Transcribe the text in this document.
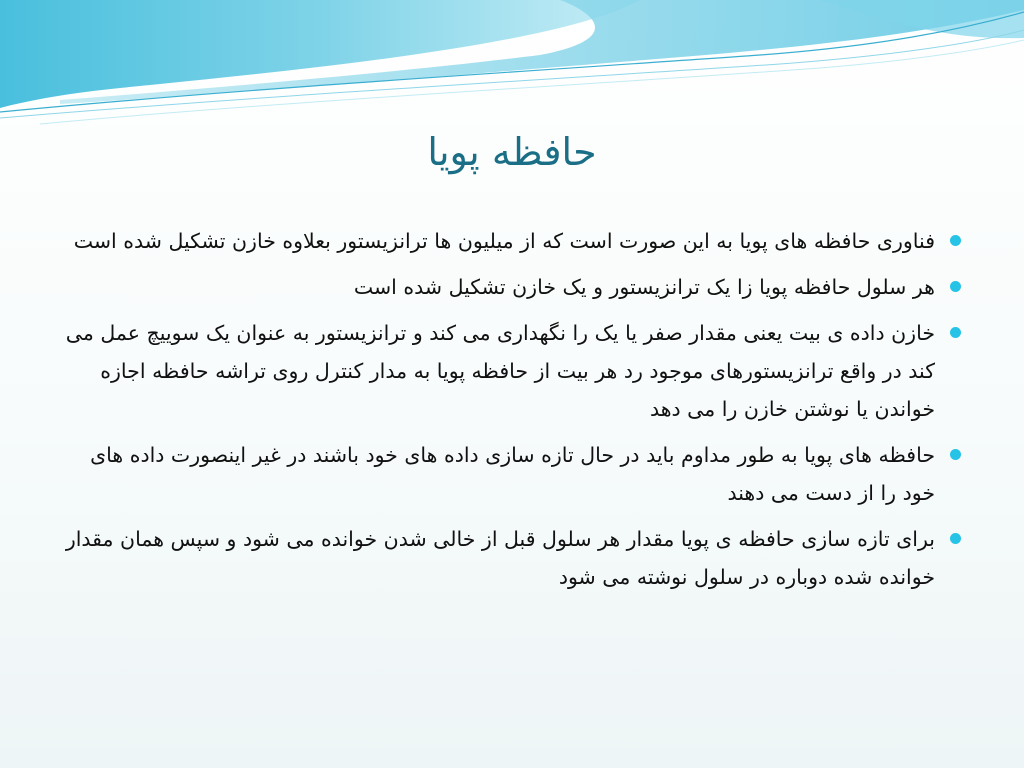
حافظه پویا
فناوری حافظه های پویا به این صورت است که از میلیون ها ترانزیستور بعلاوه خازن تشکیل شده است
هر سلول حافظه پویا زا یک ترانزیستور و یک خازن تشکیل شده است
خازن داده ی بیت یعنی مقدار صفر یا یک را نگهداری می کند و ترانزیستور به عنوان یک سوییچ عمل می کند در واقع ترانزیستورهای موجود رد هر بیت از حافظه پویا به مدار کنترل روی تراشه حافظه اجازه خواندن یا نوشتن خازن را می دهد
حافظه های پویا به طور مداوم باید در حال تازه سازی داده های خود باشند در غیر اینصورت داده های خود را از دست می دهند
برای تازه سازی حافظه ی پویا مقدار هر سلول قبل از خالی شدن خوانده می شود و سپس همان مقدار خوانده شده دوباره در سلول نوشته می شود
